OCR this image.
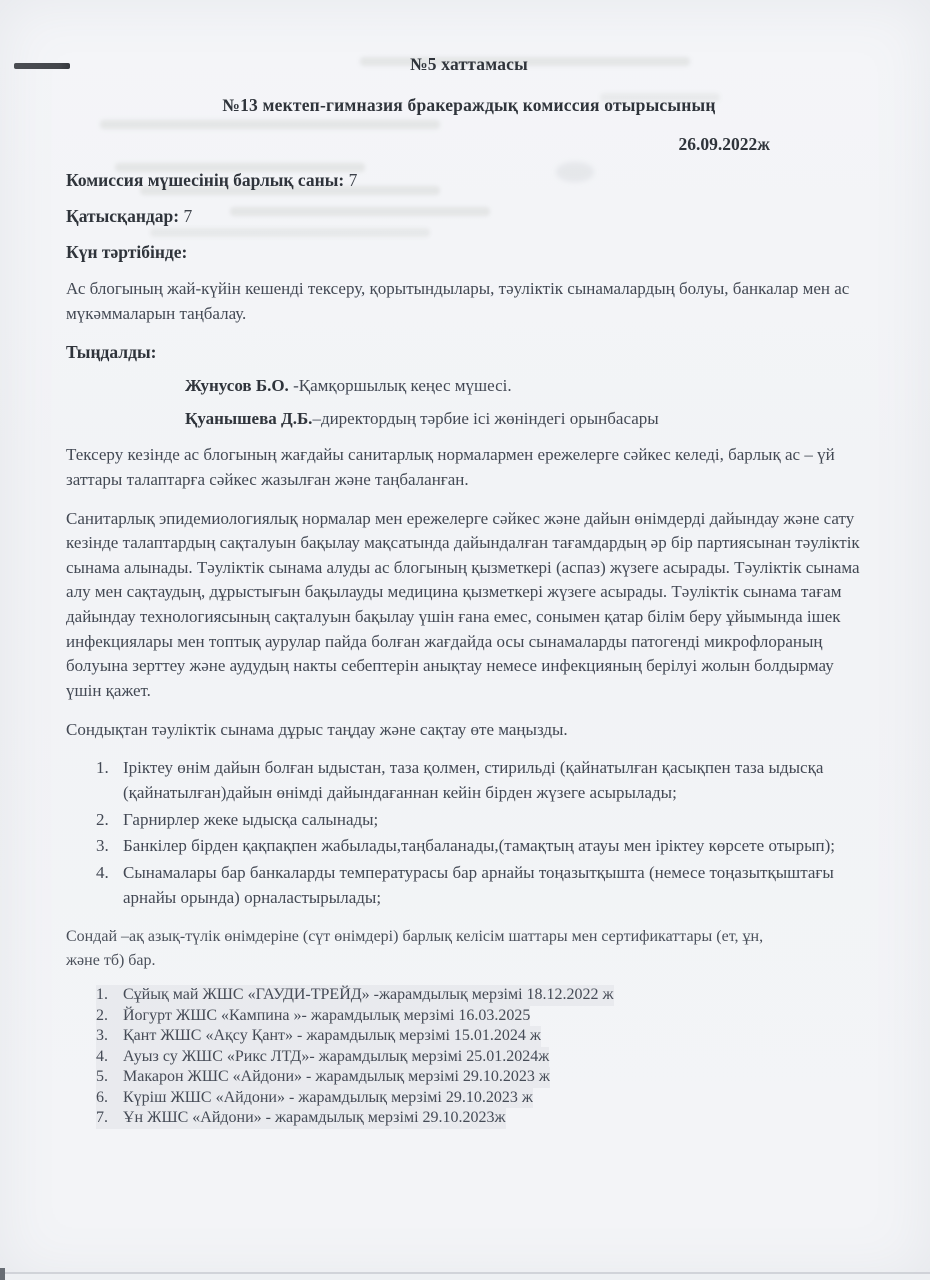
№5 хаттамасы
№13 мектеп-гимназия бракераждық комиссия отырысының
26.09.2022ж
Комиссия мүшесінің барлық саны: 7
Қатысқандар: 7
Күн тәртібінде:
Ас блогының жай-күйін кешенді тексеру, қорытындылары, тәуліктік сынамалардың болуы, банкалар мен ас мүкәммаларын таңбалау.
Тыңдалды:
Жунусов Б.О. -Қамқоршылық кеңес мүшесі.
Қуанышева Д.Б.–директордың тәрбие ісі жөніндегі орынбасары
Тексеру кезінде ас блогының жағдайы санитарлық нормалармен ережелерге сәйкес келеді, барлық ас – үй заттары талаптарға сәйкес жазылған және таңбаланған.
Санитарлық эпидемиологиялық нормалар мен ережелерге сәйкес және дайын өнімдерді дайындау және сату кезінде талаптардың сақталуын бақылау мақсатында дайындалған тағамдардың әр бір партиясынан тәуліктік сынама алынады. Тәуліктік сынама алуды ас блогының қызметкері (аспаз) жүзеге асырады. Тәуліктік сынама алу мен сақтаудың, дұрыстығын бақылауды медицина қызметкері жүзеге асырады. Тәуліктік сынама тағам дайындау технологиясының сақталуын бақылау үшін ғана емес, сонымен қатар білім беру ұйымында ішек инфекциялары мен топтық аурулар пайда болған жағдайда осы сынамаларды патогенді микрофлораның болуына зерттеу және аудудың накты себептерін анықтау немесе инфекцияның берілуі жолын болдырмау үшін қажет.
Сондықтан тәуліктік сынама дұрыс таңдау және сақтау өте маңызды.
Іріктеу өнім дайын болған ыдыстан, таза қолмен, стирильді (қайнатылған қасықпен таза ыдысқа (қайнатылған)дайын өнімді дайындағаннан кейін бірден жүзеге асырылады;
Гарнирлер жеке ыдысқа салынады;
Банкілер бірден қақпақпен жабылады,таңбаланады,(тамақтың атауы мен іріктеу көрсете отырып);
Сынамалары бар банкаларды температурасы бар арнайы тоңазытқышта (немесе тоңазытқыштағы арнайы орында) орналастырылады;
Сондай –ақ азық-түлік өнімдеріне (сүт өнімдері) барлық келісім шаттары мен сертификаттары (ет, ұн, және тб) бар.
Сұйық май ЖШС «ГАУДИ-ТРЕЙД» -жарамдылық мерзімі 18.12.2022 ж
Йогурт ЖШС «Кампина »- жарамдылық мерзімі 16.03.2025
Қант ЖШС «Ақсу Қант» - жарамдылық мерзімі 15.01.2024 ж
Ауыз су ЖШС «Рикс ЛТД»- жарамдылық мерзімі 25.01.2024ж
Макарон ЖШС «Айдони» - жарамдылық мерзімі 29.10.2023 ж
Күріш ЖШС «Айдони» - жарамдылық мерзімі 29.10.2023 ж
Ұн ЖШС «Айдони» - жарамдылық мерзімі 29.10.2023ж
